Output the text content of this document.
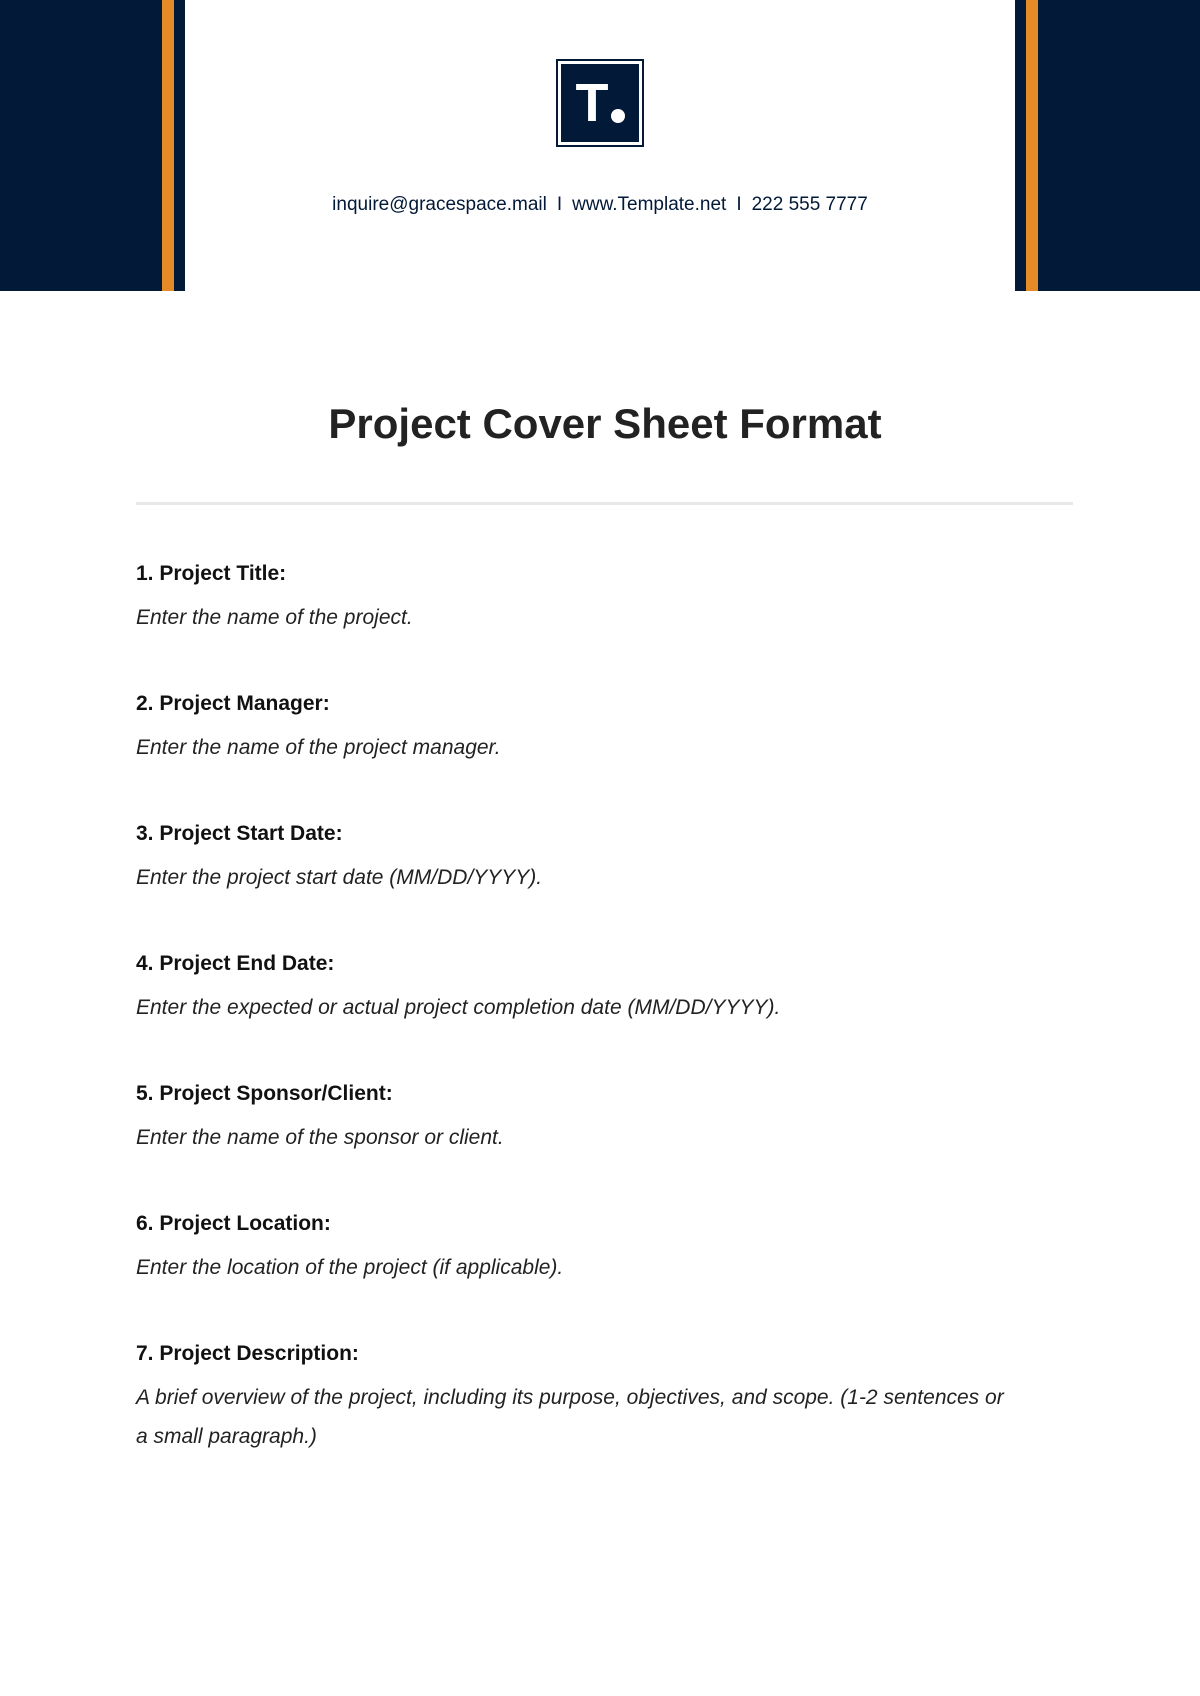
T
inquire@gracespace.mail I www.Template.net I 222 555 7777
Project Cover Sheet Format
1. Project Title:

Enter the name of the project.

2. Project Manager:

Enter the name of the project manager.

3. Project Start Date:

Enter the project start date (MM/DD/YYYY).

4. Project End Date:

Enter the expected or actual project completion date (MM/DD/YYYY).

5. Project Sponsor/Client:

Enter the name of the sponsor or client.

6. Project Location:

Enter the location of the project (if applicable).

7. Project Description:

A brief overview of the project, including its purpose, objectives, and scope. (1-2 sentences or a small paragraph.)
